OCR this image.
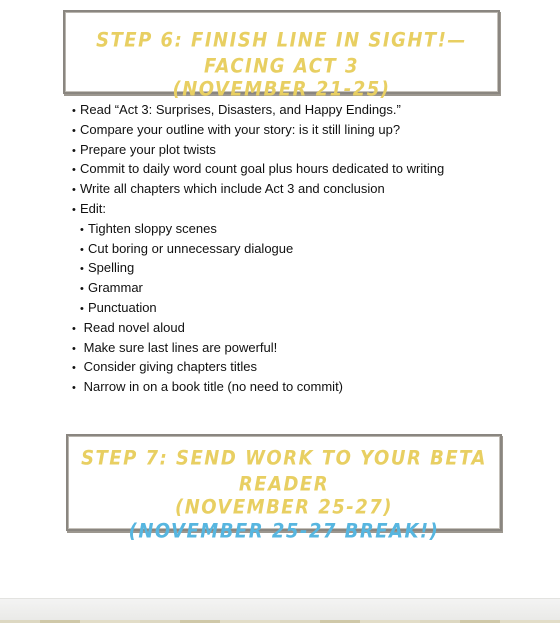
STEP 6: FINISH LINE IN SIGHT!—FACING ACT 3
(NOVEMBER 21-25)
• Read “Act 3: Surprises, Disasters, and Happy Endings.”
• Compare your outline with your story: is it still lining up?
• Prepare your plot twists
• Commit to daily word count goal plus hours dedicated to writing
• Write all chapters which include Act 3 and conclusion
• Edit:
• Tighten sloppy scenes
• Cut boring or unnecessary dialogue
• Spelling
• Grammar
• Punctuation
• Read novel aloud
• Make sure last lines are powerful!
• Consider giving chapters titles
• Narrow in on a book title (no need to commit)
STEP 7: SEND WORK TO YOUR BETA READER
(NOVEMBER 25-27)
(NOVEMBER 25-27 BREAK!)
